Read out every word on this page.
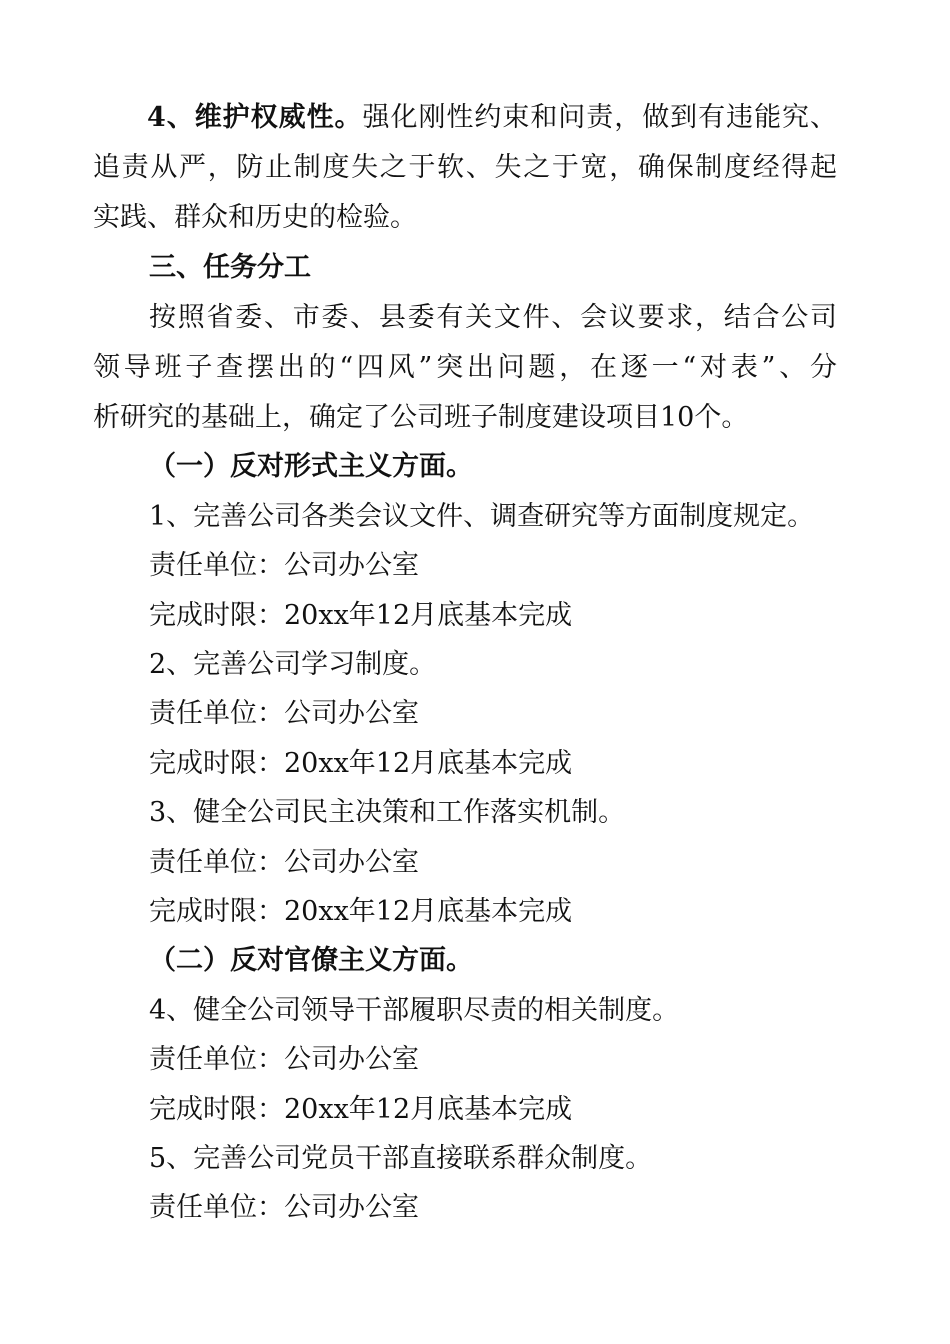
4、维护权威性。强化刚性约束和问责，做到有违能究、
追责从严，防止制度失之于软、失之于宽，确保制度经得起
实践、群众和历史的检验。
三、任务分工
按照省委、市委、县委有关文件、会议要求，结合公司
领导班子查摆出的“四风”突出问题，在逐一“对表”、分
析研究的基础上，确定了公司班子制度建设项目10个。
（一）反对形式主义方面。
1、完善公司各类会议文件、调查研究等方面制度规定。
责任单位：公司办公室
完成时限：20xx年12月底基本完成
2、完善公司学习制度。
责任单位：公司办公室
完成时限：20xx年12月底基本完成
3、健全公司民主决策和工作落实机制。
责任单位：公司办公室
完成时限：20xx年12月底基本完成
（二）反对官僚主义方面。
4、健全公司领导干部履职尽责的相关制度。
责任单位：公司办公室
完成时限：20xx年12月底基本完成
5、完善公司党员干部直接联系群众制度。
责任单位：公司办公室
